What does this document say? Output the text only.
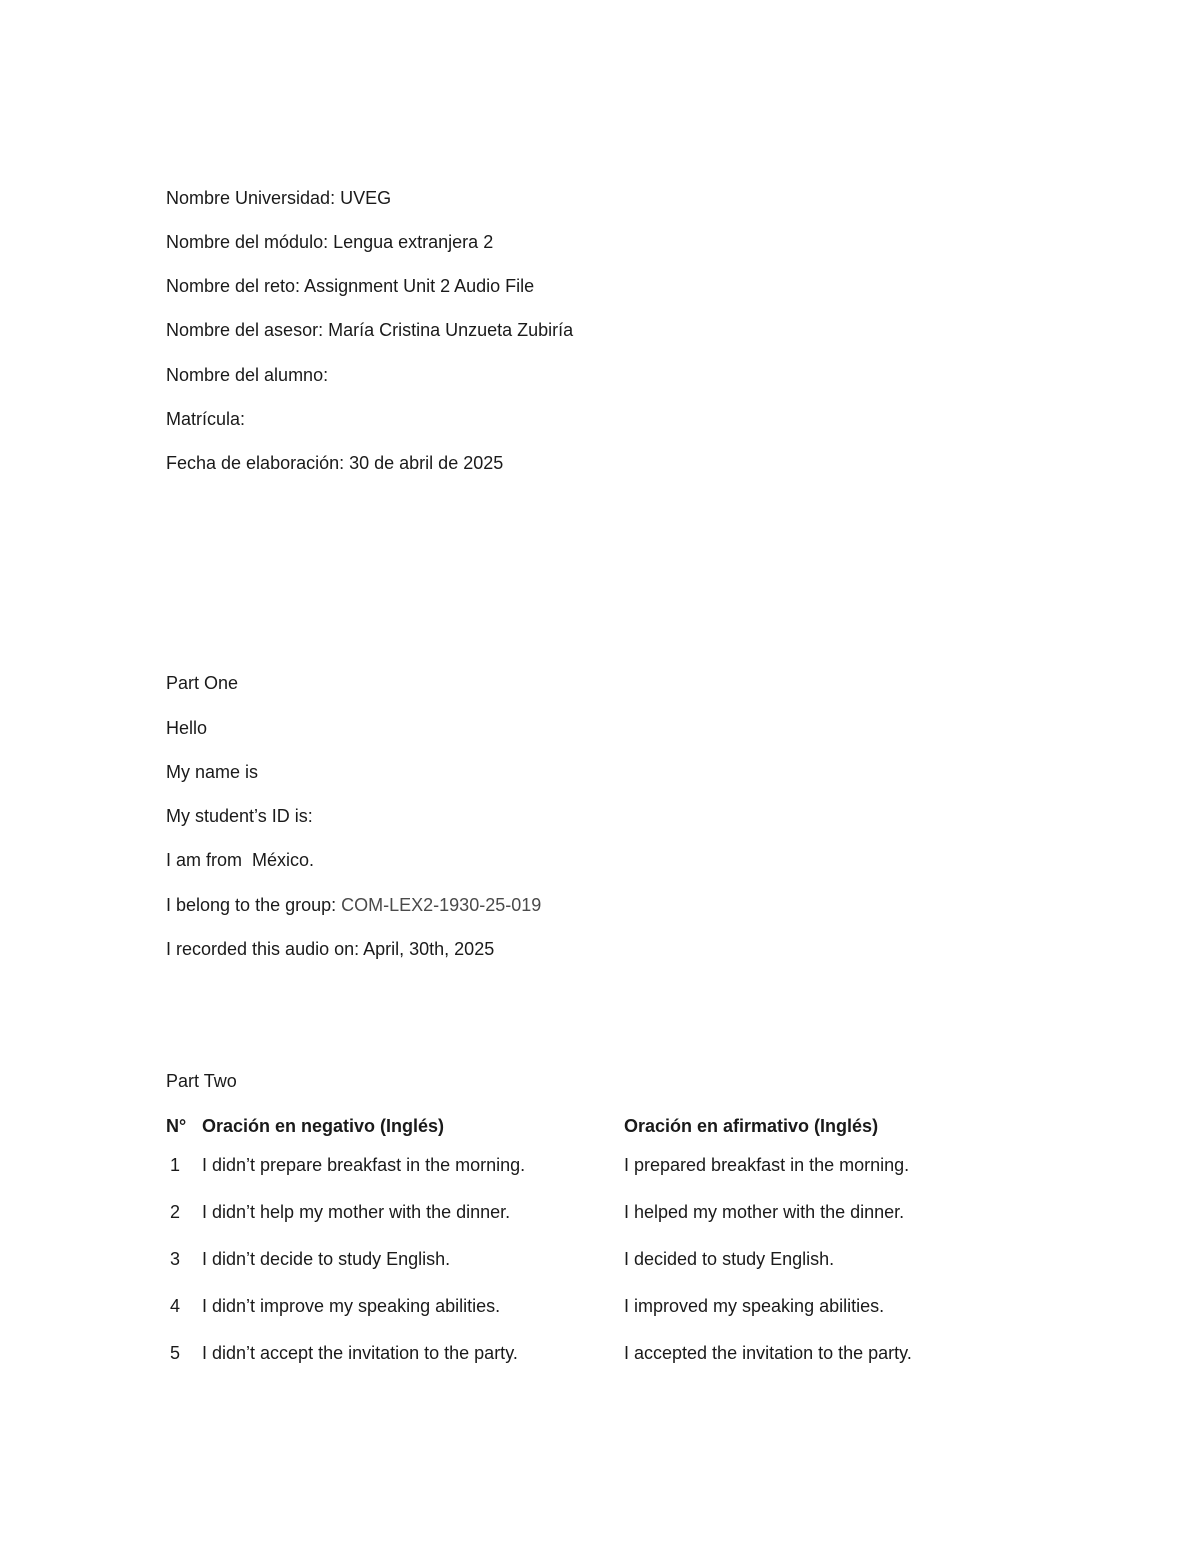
Nombre Universidad: UVEG
Nombre del módulo: Lengua extranjera 2
Nombre del reto: Assignment Unit 2 Audio File
Nombre del asesor: María Cristina Unzueta Zubiría
Nombre del alumno:
Matrícula:
Fecha de elaboración: 30 de abril de 2025
Part One
Hello
My name is
My student’s ID is:
I am from  México.
I belong to the group: COM-LEX2-1930-25-019
I recorded this audio on: April, 30th, 2025
Part Two
N°	Oración en negativo (Inglés)	Oración en afirmativo (Inglés)
1	I didn’t prepare breakfast in the morning.	I prepared breakfast in the morning.
2	I didn’t help my mother with the dinner.	I helped my mother with the dinner.
3	I didn’t decide to study English.	I decided to study English.
4	I didn’t improve my speaking abilities.	I improved my speaking abilities.
5	I didn’t accept the invitation to the party.	I accepted the invitation to the party.
